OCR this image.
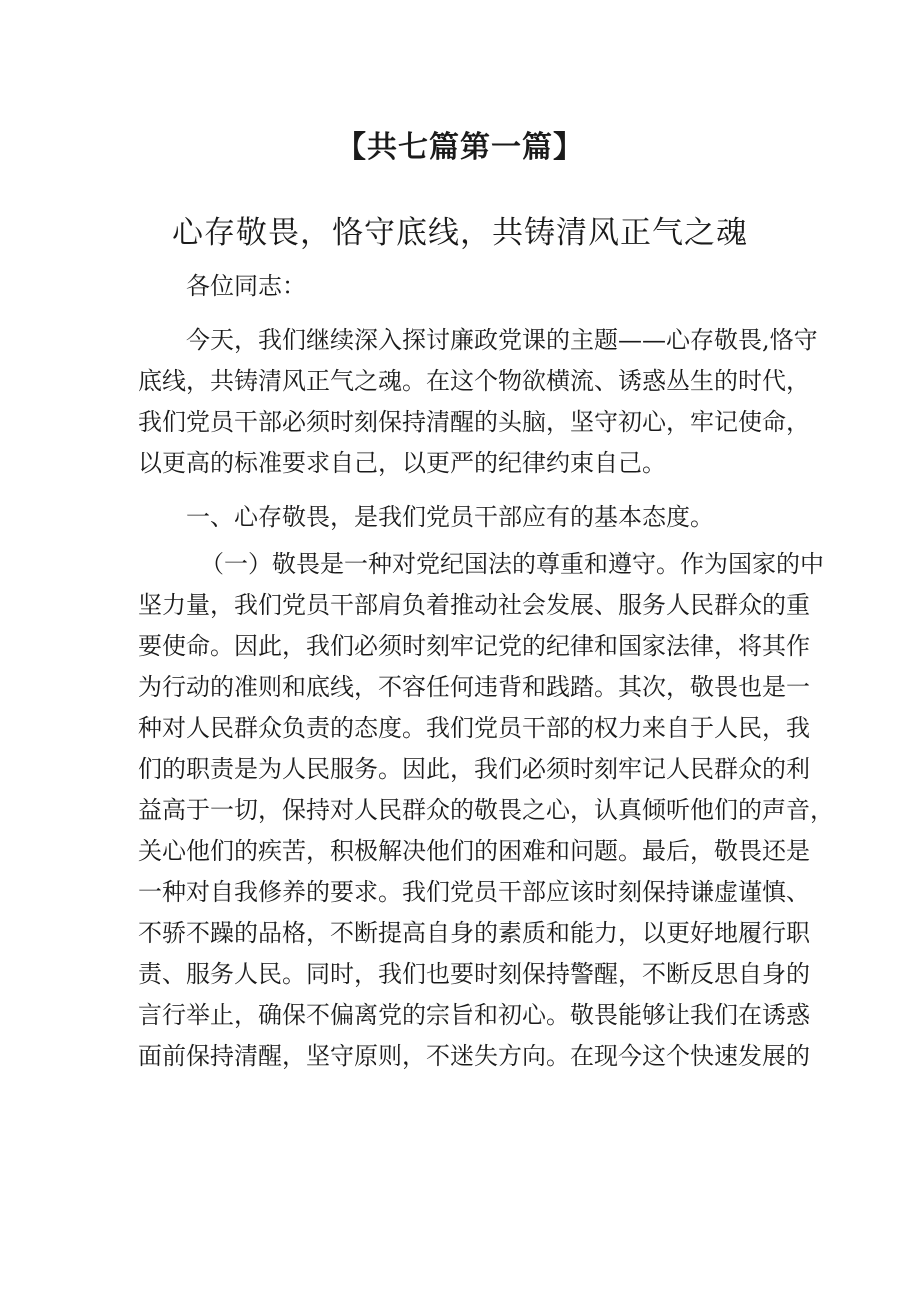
【共七篇第一篇】
心存敬畏，恪守底线，共铸清风正气之魂
各位同志：
今天，我们继续深入探讨廉政党课的主题——心存敬畏,恪守
底线，共铸清风正气之魂。在这个物欲横流、诱惑丛生的时代，
我们党员干部必须时刻保持清醒的头脑，坚守初心，牢记使命，
以更高的标准要求自己，以更严的纪律约束自己。
一、心存敬畏，是我们党员干部应有的基本态度。
（一）敬畏是一种对党纪国法的尊重和遵守。作为国家的中
坚力量，我们党员干部肩负着推动社会发展、服务人民群众的重
要使命。因此，我们必须时刻牢记党的纪律和国家法律，将其作
为行动的准则和底线，不容任何违背和践踏。其次，敬畏也是一
种对人民群众负责的态度。我们党员干部的权力来自于人民，我
们的职责是为人民服务。因此，我们必须时刻牢记人民群众的利
益高于一切，保持对人民群众的敬畏之心，认真倾听他们的声音，
关心他们的疾苦，积极解决他们的困难和问题。最后，敬畏还是
一种对自我修养的要求。我们党员干部应该时刻保持谦虚谨慎、
不骄不躁的品格，不断提高自身的素质和能力，以更好地履行职
责、服务人民。同时，我们也要时刻保持警醒，不断反思自身的
言行举止，确保不偏离党的宗旨和初心。敬畏能够让我们在诱惑
面前保持清醒，坚守原则，不迷失方向。在现今这个快速发展的
